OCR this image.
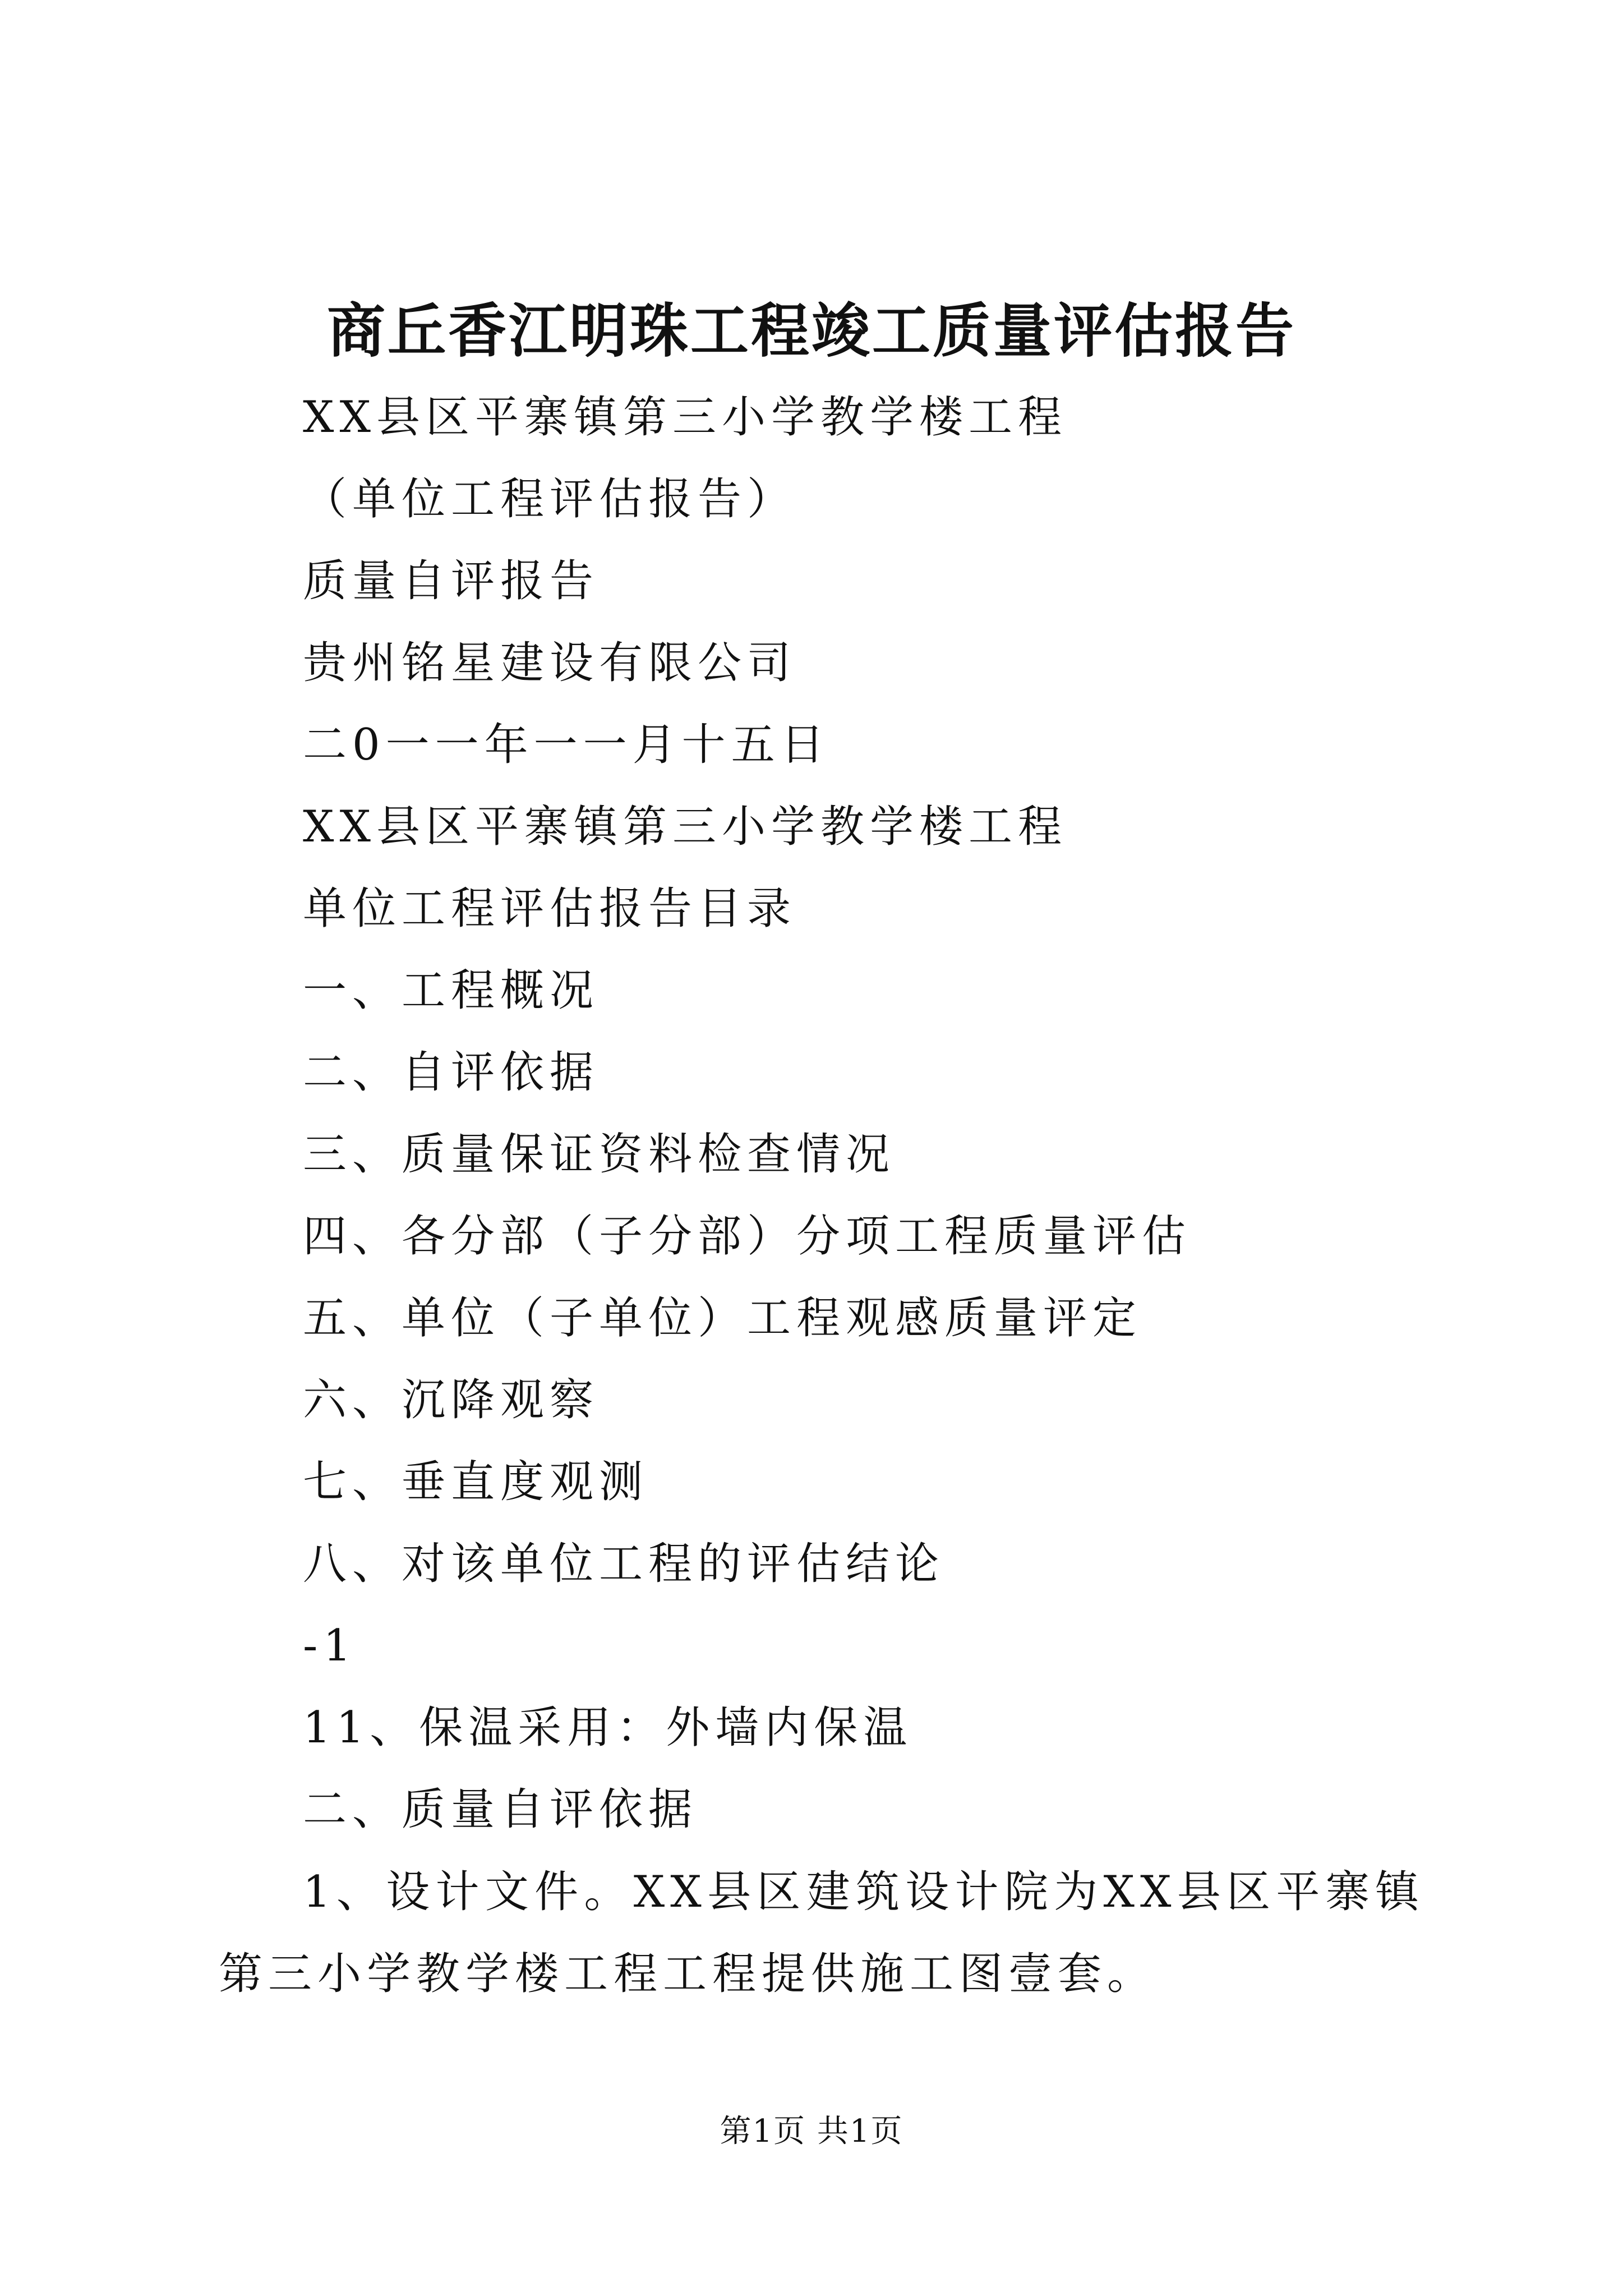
商丘香江明珠工程竣工质量评估报告
XX县区平寨镇第三小学教学楼工程
（单位工程评估报告）
质量自评报告
贵州铭星建设有限公司
二0一一年一一月十五日
XX县区平寨镇第三小学教学楼工程
单位工程评估报告目录
一、工程概况
二、自评依据
三、质量保证资料检查情况
四、各分部（子分部）分项工程质量评估
五、单位（子单位）工程观感质量评定
六、沉降观察
七、垂直度观测
八、对该单位工程的评估结论
-1
11、保温采用：外墙内保温
二、质量自评依据
1、设计文件。XX县区建筑设计院为XX县区平寨镇第三小学教学楼工程工程提供施工图壹套。
第1页 共1页
